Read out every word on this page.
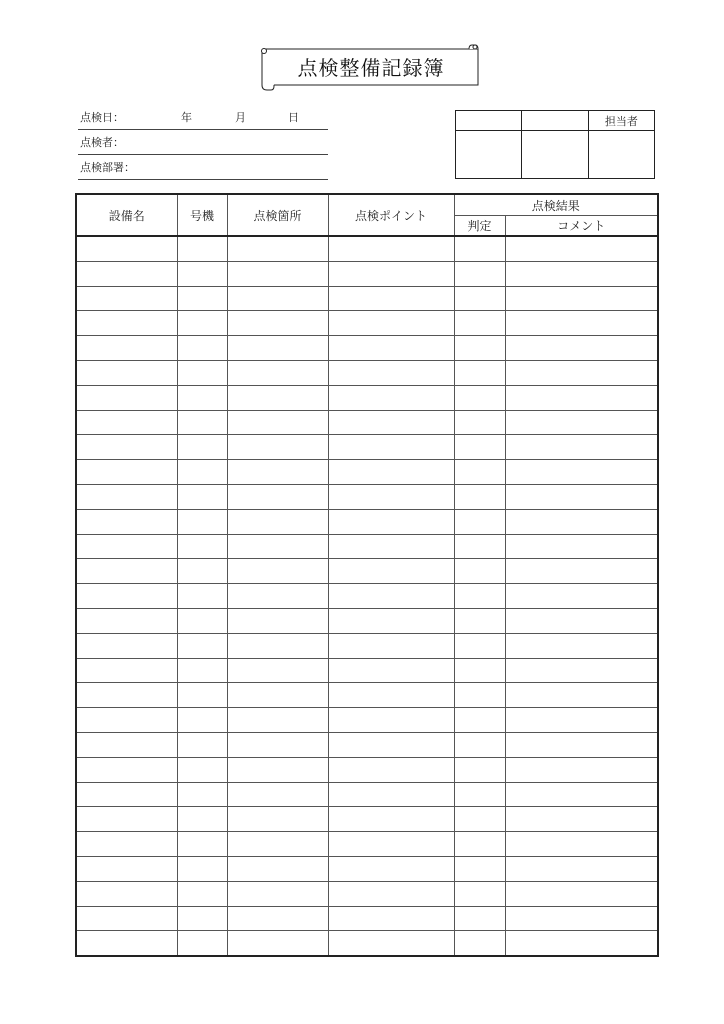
点検整備記録簿
点検日：	年	月	日
点検者：
点検部署：
		担当者

設備名	号機	点検箇所	点検ポイント	点検結果	
				判定	コメント
